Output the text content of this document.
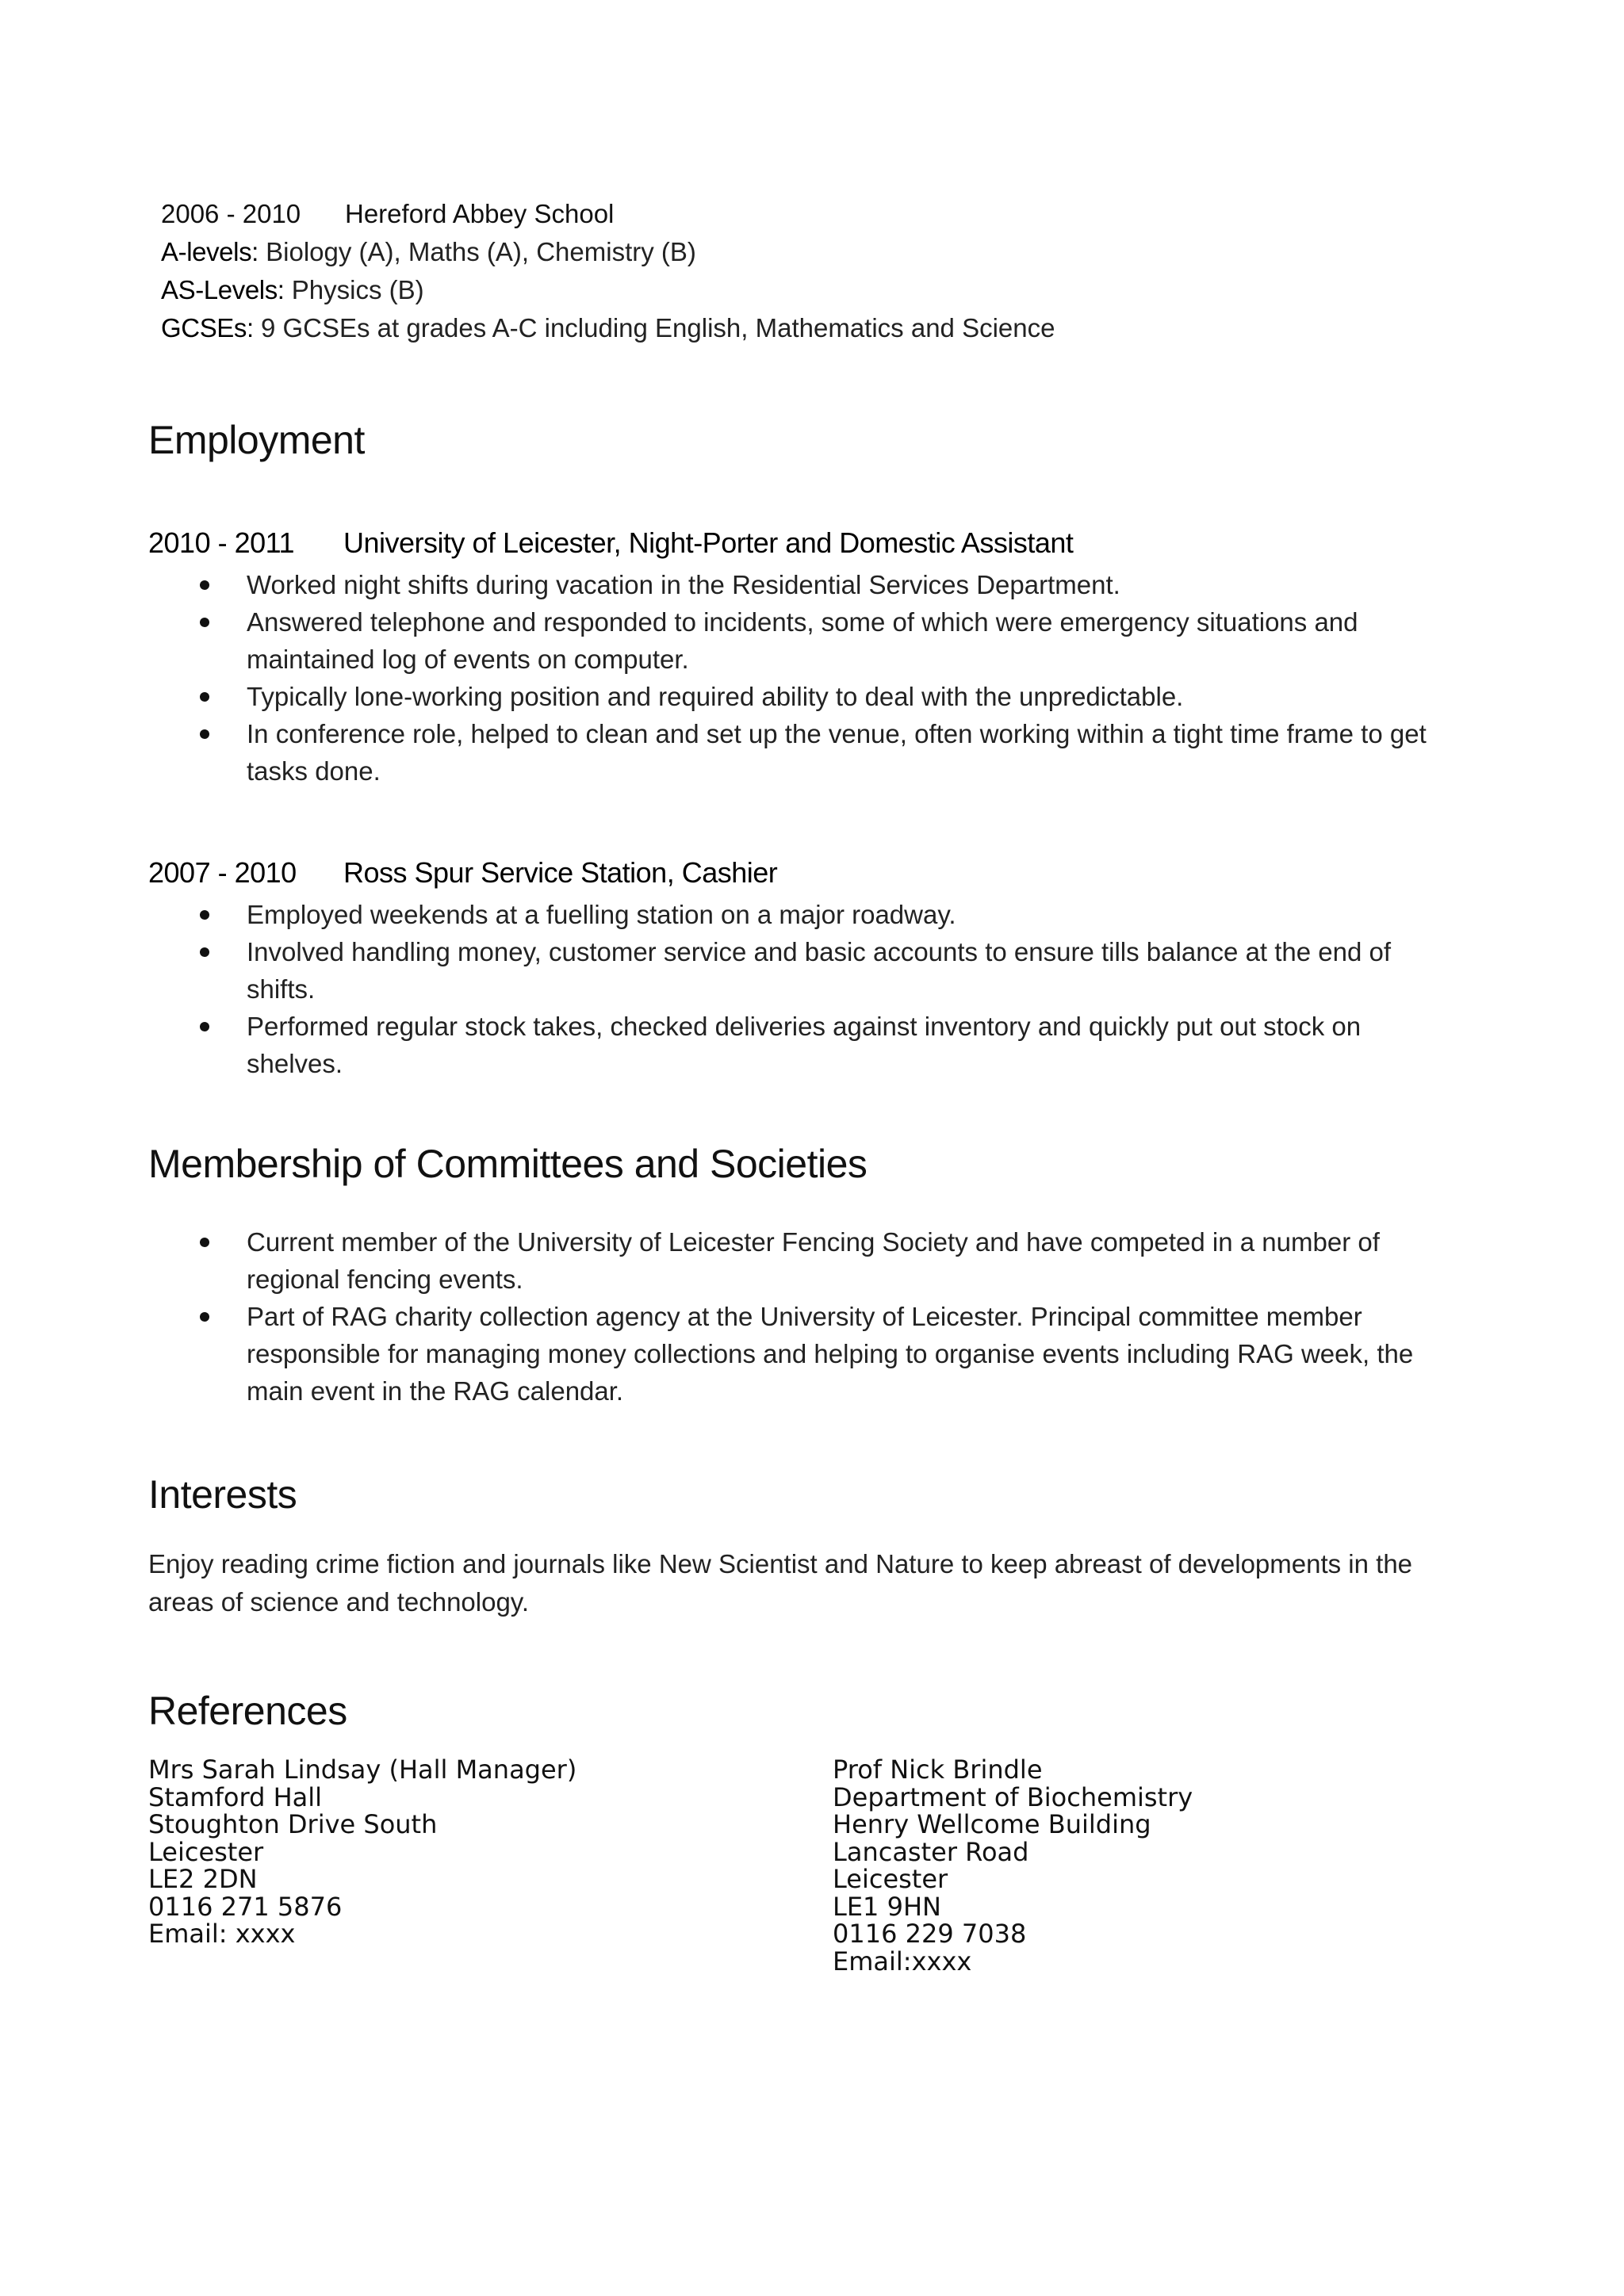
2006 - 2010 Hereford Abbey School
A-levels: Biology (A), Maths (A), Chemistry (B)
AS-Levels: Physics (B)
GCSEs: 9 GCSEs at grades A-C including English, Mathematics and Science
Employment
2010 - 2011 University of Leicester, Night-Porter and Domestic Assistant
Worked night shifts during vacation in the Residential Services Department.
Answered telephone and responded to incidents, some of which were emergency situations and maintained log of events on computer.
Typically lone-working position and required ability to deal with the unpredictable.
In conference role, helped to clean and set up the venue, often working within a tight time frame to get tasks done.
2007 - 2010 Ross Spur Service Station, Cashier
Employed weekends at a fuelling station on a major roadway.
Involved handling money, customer service and basic accounts to ensure tills balance at the end of shifts.
Performed regular stock takes, checked deliveries against inventory and quickly put out stock on shelves.
Membership of Committees and Societies
Current member of the University of Leicester Fencing Society and have competed in a number of regional fencing events.
Part of RAG charity collection agency at the University of Leicester. Principal committee member responsible for managing money collections and helping to organise events including RAG week, the main event in the RAG calendar.
Interests
Enjoy reading crime fiction and journals like New Scientist and Nature to keep abreast of developments in the areas of science and technology.
References
Mrs Sarah Lindsay (Hall Manager)
Stamford Hall
Stoughton Drive South
Leicester
LE2 2DN
0116 271 5876
Email: xxxx
Prof Nick Brindle
Department of Biochemistry
Henry Wellcome Building
Lancaster Road
Leicester
LE1 9HN
0116 229 7038
Email:xxxx
